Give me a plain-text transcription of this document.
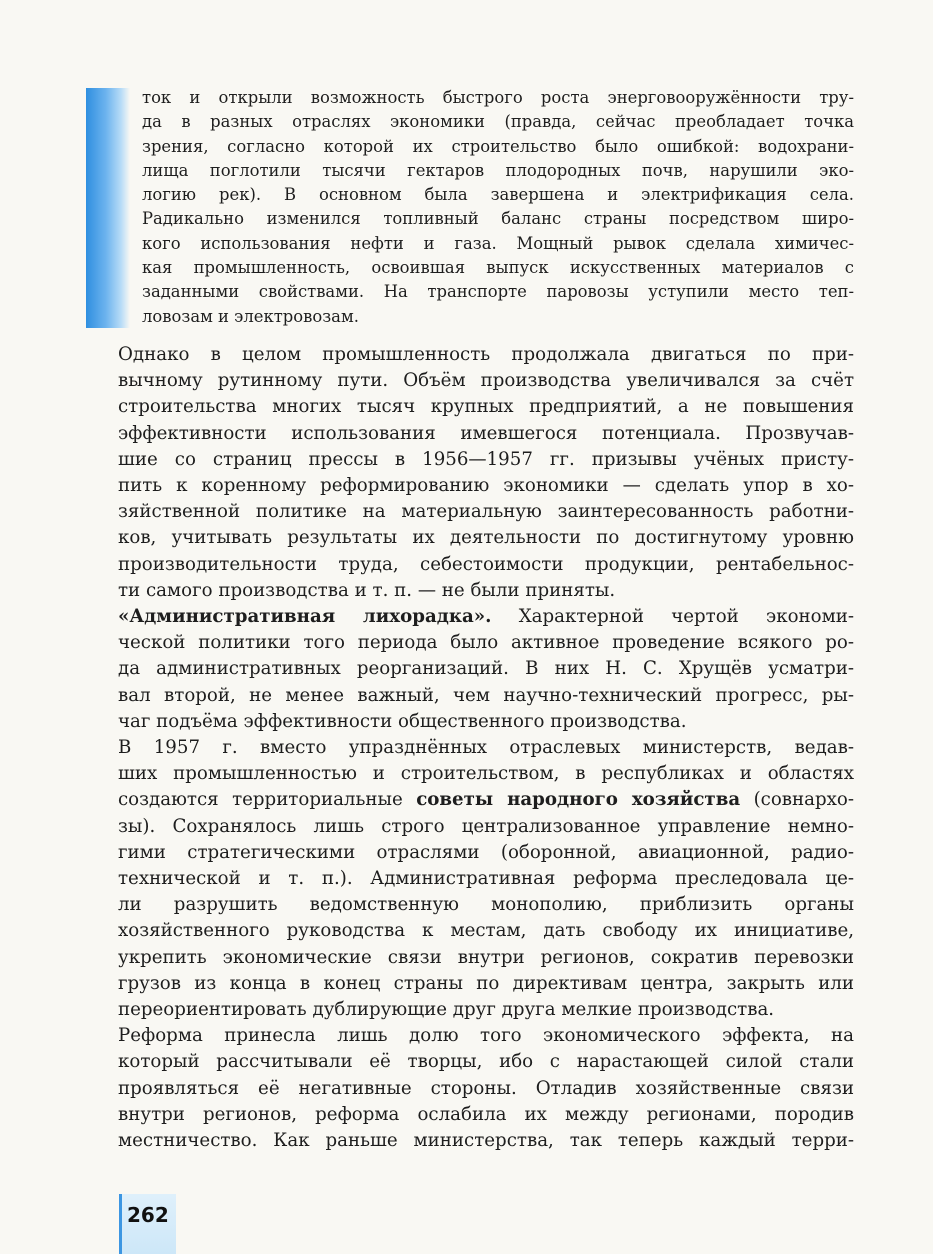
ток и открыли возможность быстрого роста энерговооружённости тру-
да в разных отраслях экономики (правда, сейчас преобладает точка
зрения, согласно которой их строительство было ошибкой: водохрани-
лища поглотили тысячи гектаров плодородных почв, нарушили эко-
логию рек). В основном была завершена и электрификация села.
Радикально изменился топливный баланс страны посредством широ-
кого использования нефти и газа. Мощный рывок сделала химичес-
кая промышленность, освоившая выпуск искусственных материалов с
заданными свойствами. На транспорте паровозы уступили место теп-
ловозам и электровозам.
Однако в целом промышленность продолжала двигаться по при-
вычному рутинному пути. Объём производства увеличивался за счёт
строительства многих тысяч крупных предприятий, а не повышения
эффективности использования имевшегося потенциала. Прозвучав-
шие со страниц прессы в 1956—1957 гг. призывы учёных присту-
пить к коренному реформированию экономики — сделать упор в хо-
зяйственной политике на материальную заинтересованность работни-
ков, учитывать результаты их деятельности по достигнутому уровню
производительности труда, себестоимости продукции, рентабельнос-
ти самого производства и т. п. — не были приняты.
«Административная лихорадка». Характерной чертой экономи-
ческой политики того периода было активное проведение всякого ро-
да административных реорганизаций. В них Н. С. Хрущёв усматри-
вал второй, не менее важный, чем научно-технический прогресс, ры-
чаг подъёма эффективности общественного производства.
В 1957 г. вместо упразднённых отраслевых министерств, ведав-
ших промышленностью и строительством, в республиках и областях
создаются территориальные советы народного хозяйства (совнархо-
зы). Сохранялось лишь строго централизованное управление немно-
гими стратегическими отраслями (оборонной, авиационной, радио-
технической и т. п.). Административная реформа преследовала це-
ли разрушить ведомственную монополию, приблизить органы
хозяйственного руководства к местам, дать свободу их инициативе,
укрепить экономические связи внутри регионов, сократив перевозки
грузов из конца в конец страны по директивам центра, закрыть или
переориентировать дублирующие друг друга мелкие производства.
Реформа принесла лишь долю того экономического эффекта, на
который рассчитывали её творцы, ибо с нарастающей силой стали
проявляться её негативные стороны. Отладив хозяйственные связи
внутри регионов, реформа ослабила их между регионами, породив
местничество. Как раньше министерства, так теперь каждый терри-
262
